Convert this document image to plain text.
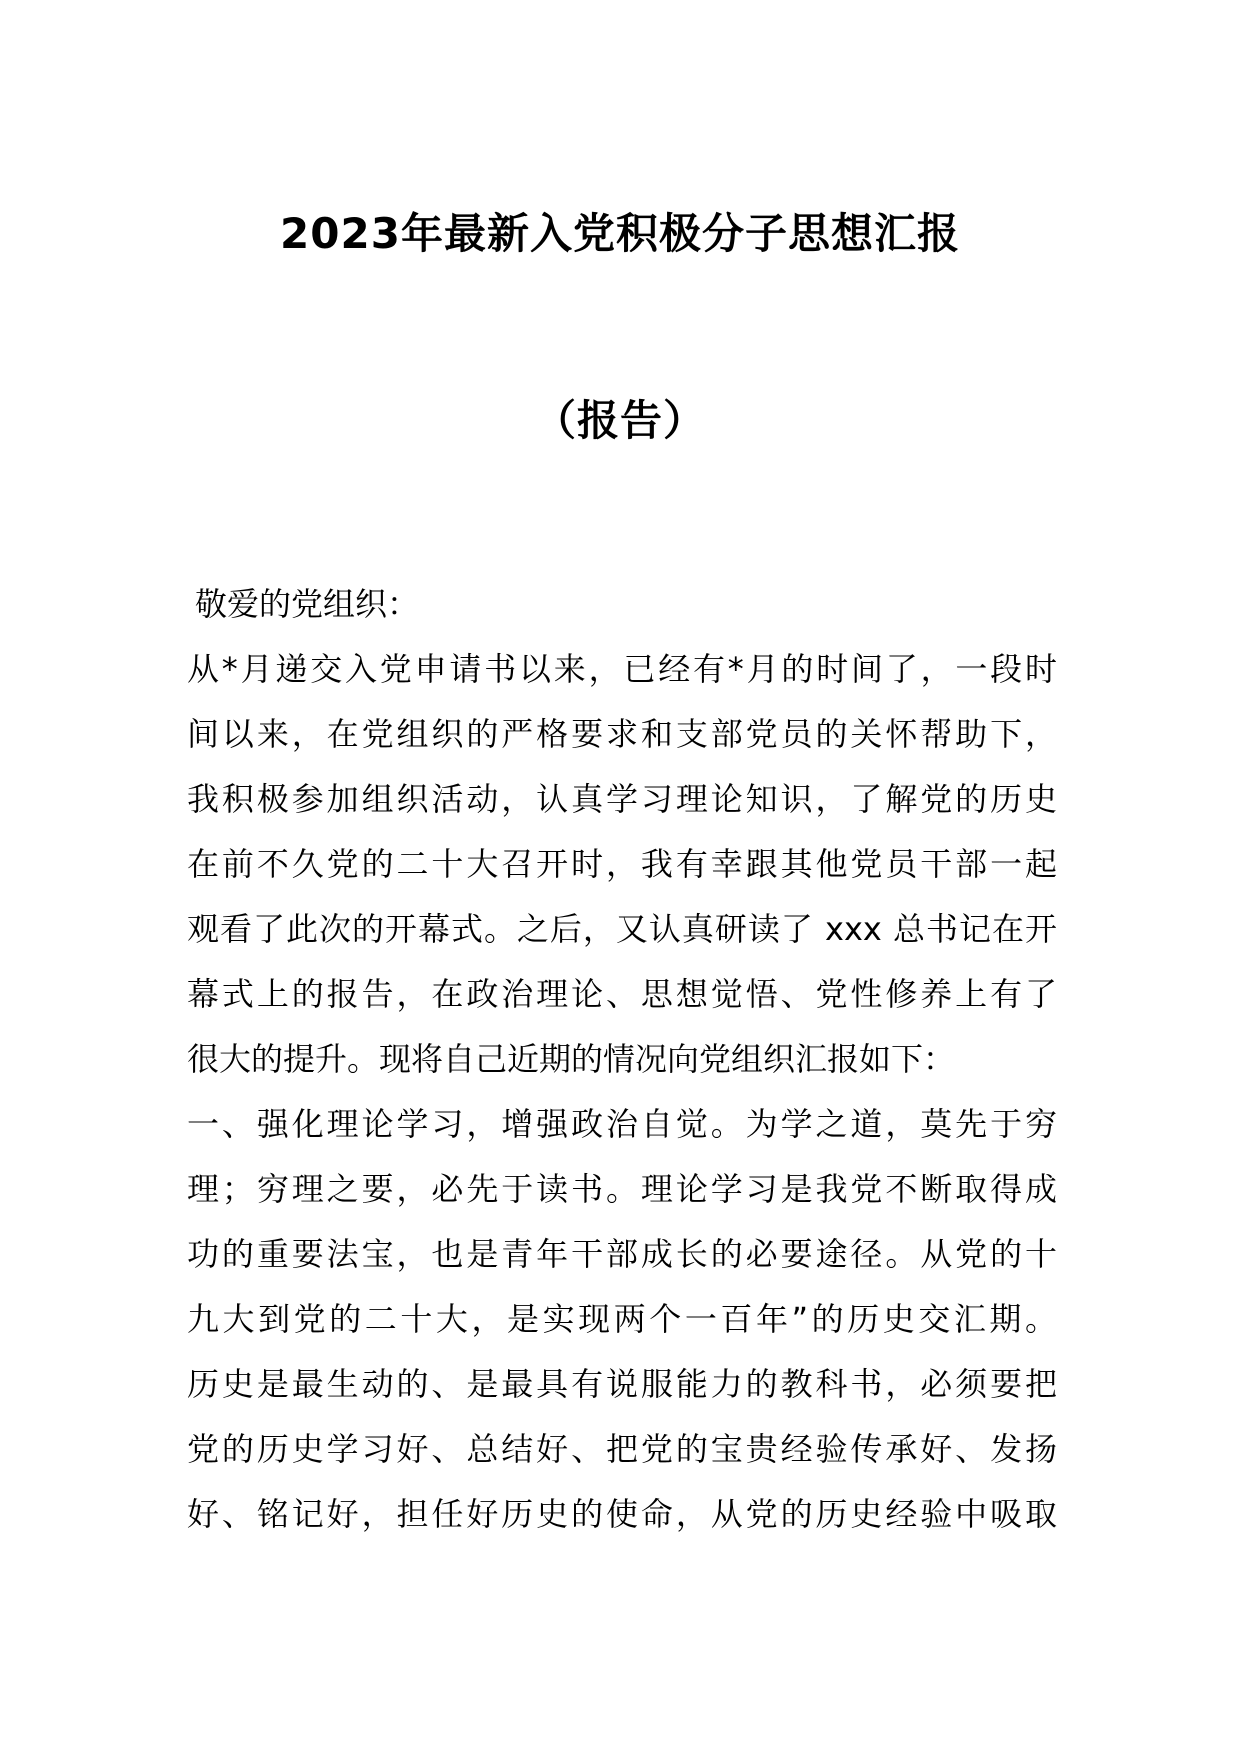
2023年最新入党积极分子思想汇报
（报告）
敬爱的党组织：
从*月递交入党申请书以来，已经有*月的时间了，一段时
间以来，在党组织的严格要求和支部党员的关怀帮助下，
我积极参加组织活动，认真学习理论知识，了解党的历史
在前不久党的二十大召开时，我有幸跟其他党员干部一起
观看了此次的开幕式。之后，又认真研读了 xxx 总书记在开
幕式上的报告，在政治理论、思想觉悟、党性修养上有了
很大的提升。现将自己近期的情况向党组织汇报如下：
一、强化理论学习，增强政治自觉。为学之道，莫先于穷
理；穷理之要，必先于读书。理论学习是我党不断取得成
功的重要法宝，也是青年干部成长的必要途径。从党的十
九大到党的二十大，是实现两个一百年”的历史交汇期。
历史是最生动的、是最具有说服能力的教科书，必须要把
党的历史学习好、总结好、把党的宝贵经验传承好、发扬
好、铭记好，担任好历史的使命，从党的历史经验中吸取
